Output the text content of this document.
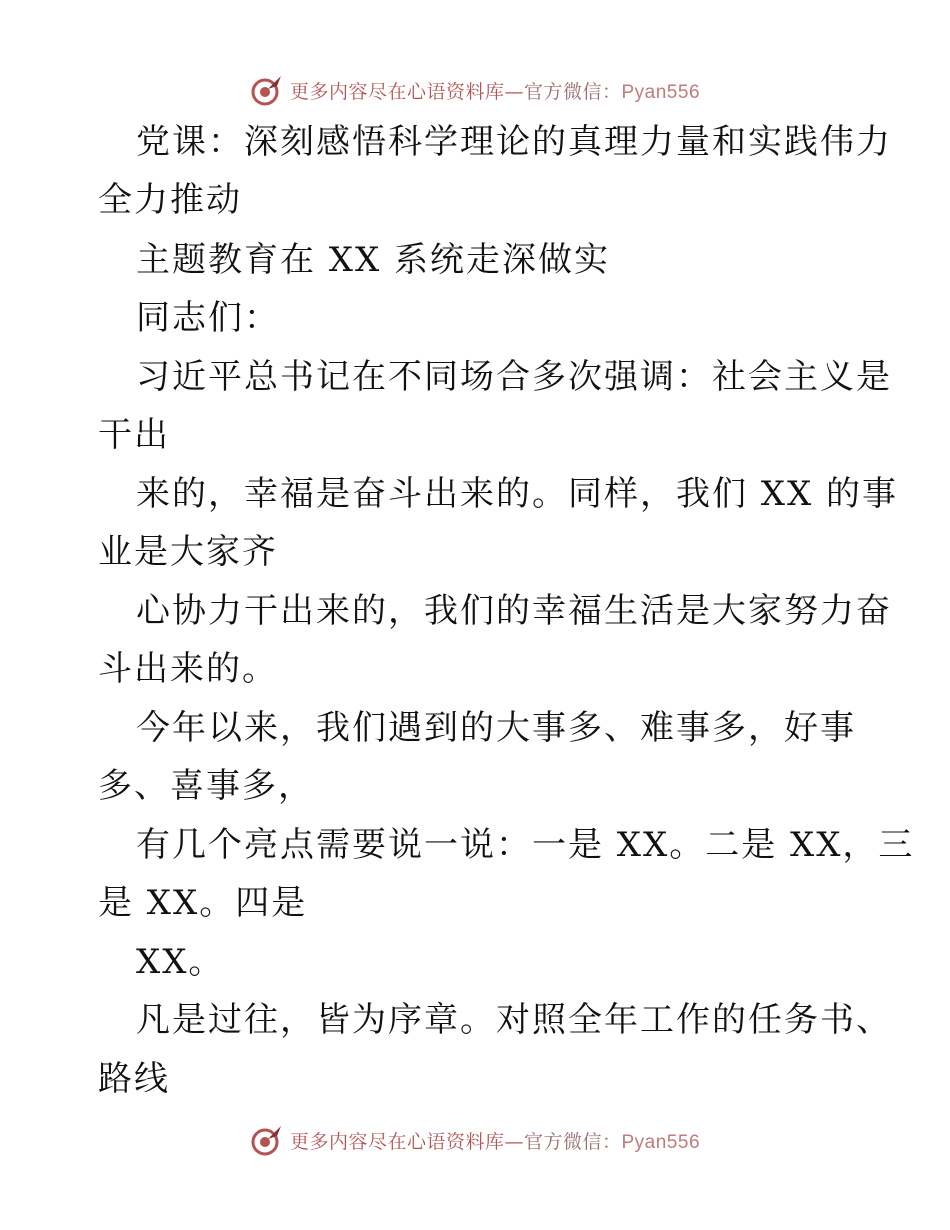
更多内容尽在心语资料库—官方微信：Pyan556
党课：深刻感悟科学理论的真理力量和实践伟力
全力推动
主题教育在 XX 系统走深做实
同志们：
习近平总书记在不同场合多次强调：社会主义是
干出
来的，幸福是奋斗出来的。同样，我们 XX 的事
业是大家齐
心协力干出来的，我们的幸福生活是大家努力奋
斗出来的。
今年以来，我们遇到的大事多、难事多，好事
多、喜事多，
有几个亮点需要说一说：一是 XX。二是 XX，三
是 XX。四是
XX。
凡是过往，皆为序章。对照全年工作的任务书、
路线
更多内容尽在心语资料库—官方微信：Pyan556
